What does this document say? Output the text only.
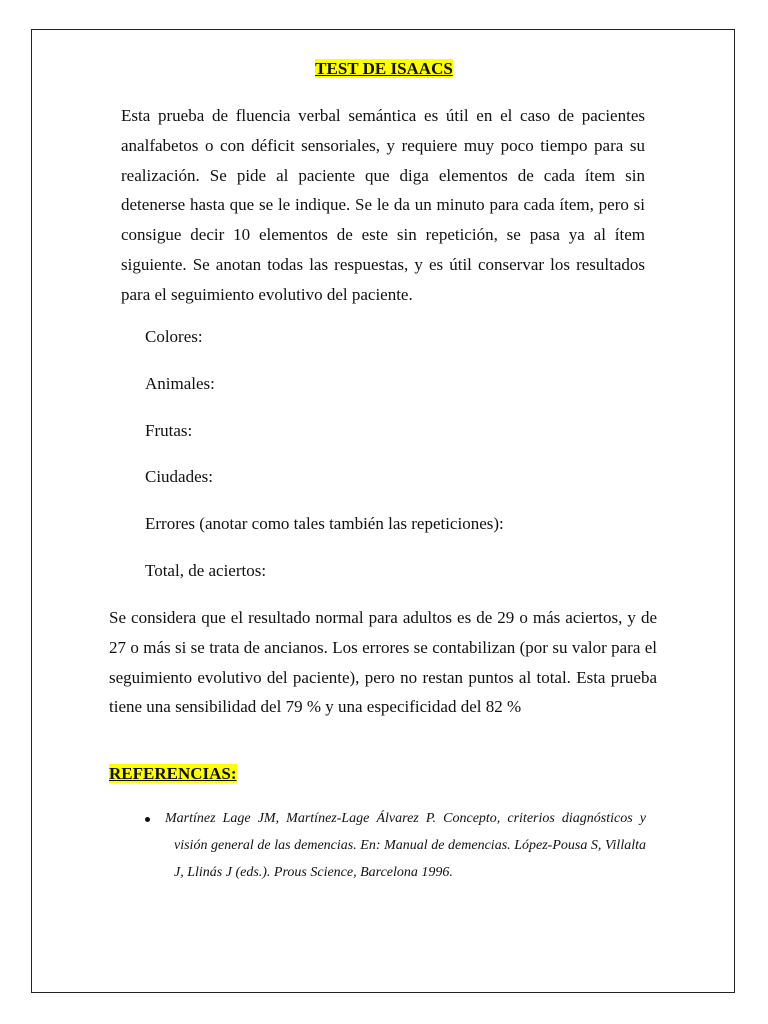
TEST DE ISAACS

Esta prueba de fluencia verbal semántica es útil en el caso de pacientes analfabetos o con déficit sensoriales, y requiere muy poco tiempo para su realización. Se pide al paciente que diga elementos de cada ítem sin detenerse hasta que se le indique. Se le da un minuto para cada ítem, pero si consigue decir 10 elementos de este sin repetición, se pasa ya al ítem siguiente. Se anotan todas las respuestas, y es útil conservar los resultados para el seguimiento evolutivo del paciente.

Colores:
Animales:
Frutas:
Ciudades:
Errores (anotar como tales también las repeticiones):
Total, de aciertos:

Se considera que el resultado normal para adultos es de 29 o más aciertos, y de 27 o más si se trata de ancianos. Los errores se contabilizan (por su valor para el seguimiento evolutivo del paciente), pero no restan puntos al total. Esta prueba tiene una sensibilidad del 79 % y una especificidad del 82 %

REFERENCIAS:
Martínez Lage JM, Martínez-Lage Álvarez P. Concepto, criterios diagnósticos y visión general de las demencias. En: Manual de demencias. López-Pousa S, Villalta J, Llinás J (eds.). Prous Science, Barcelona 1996.
